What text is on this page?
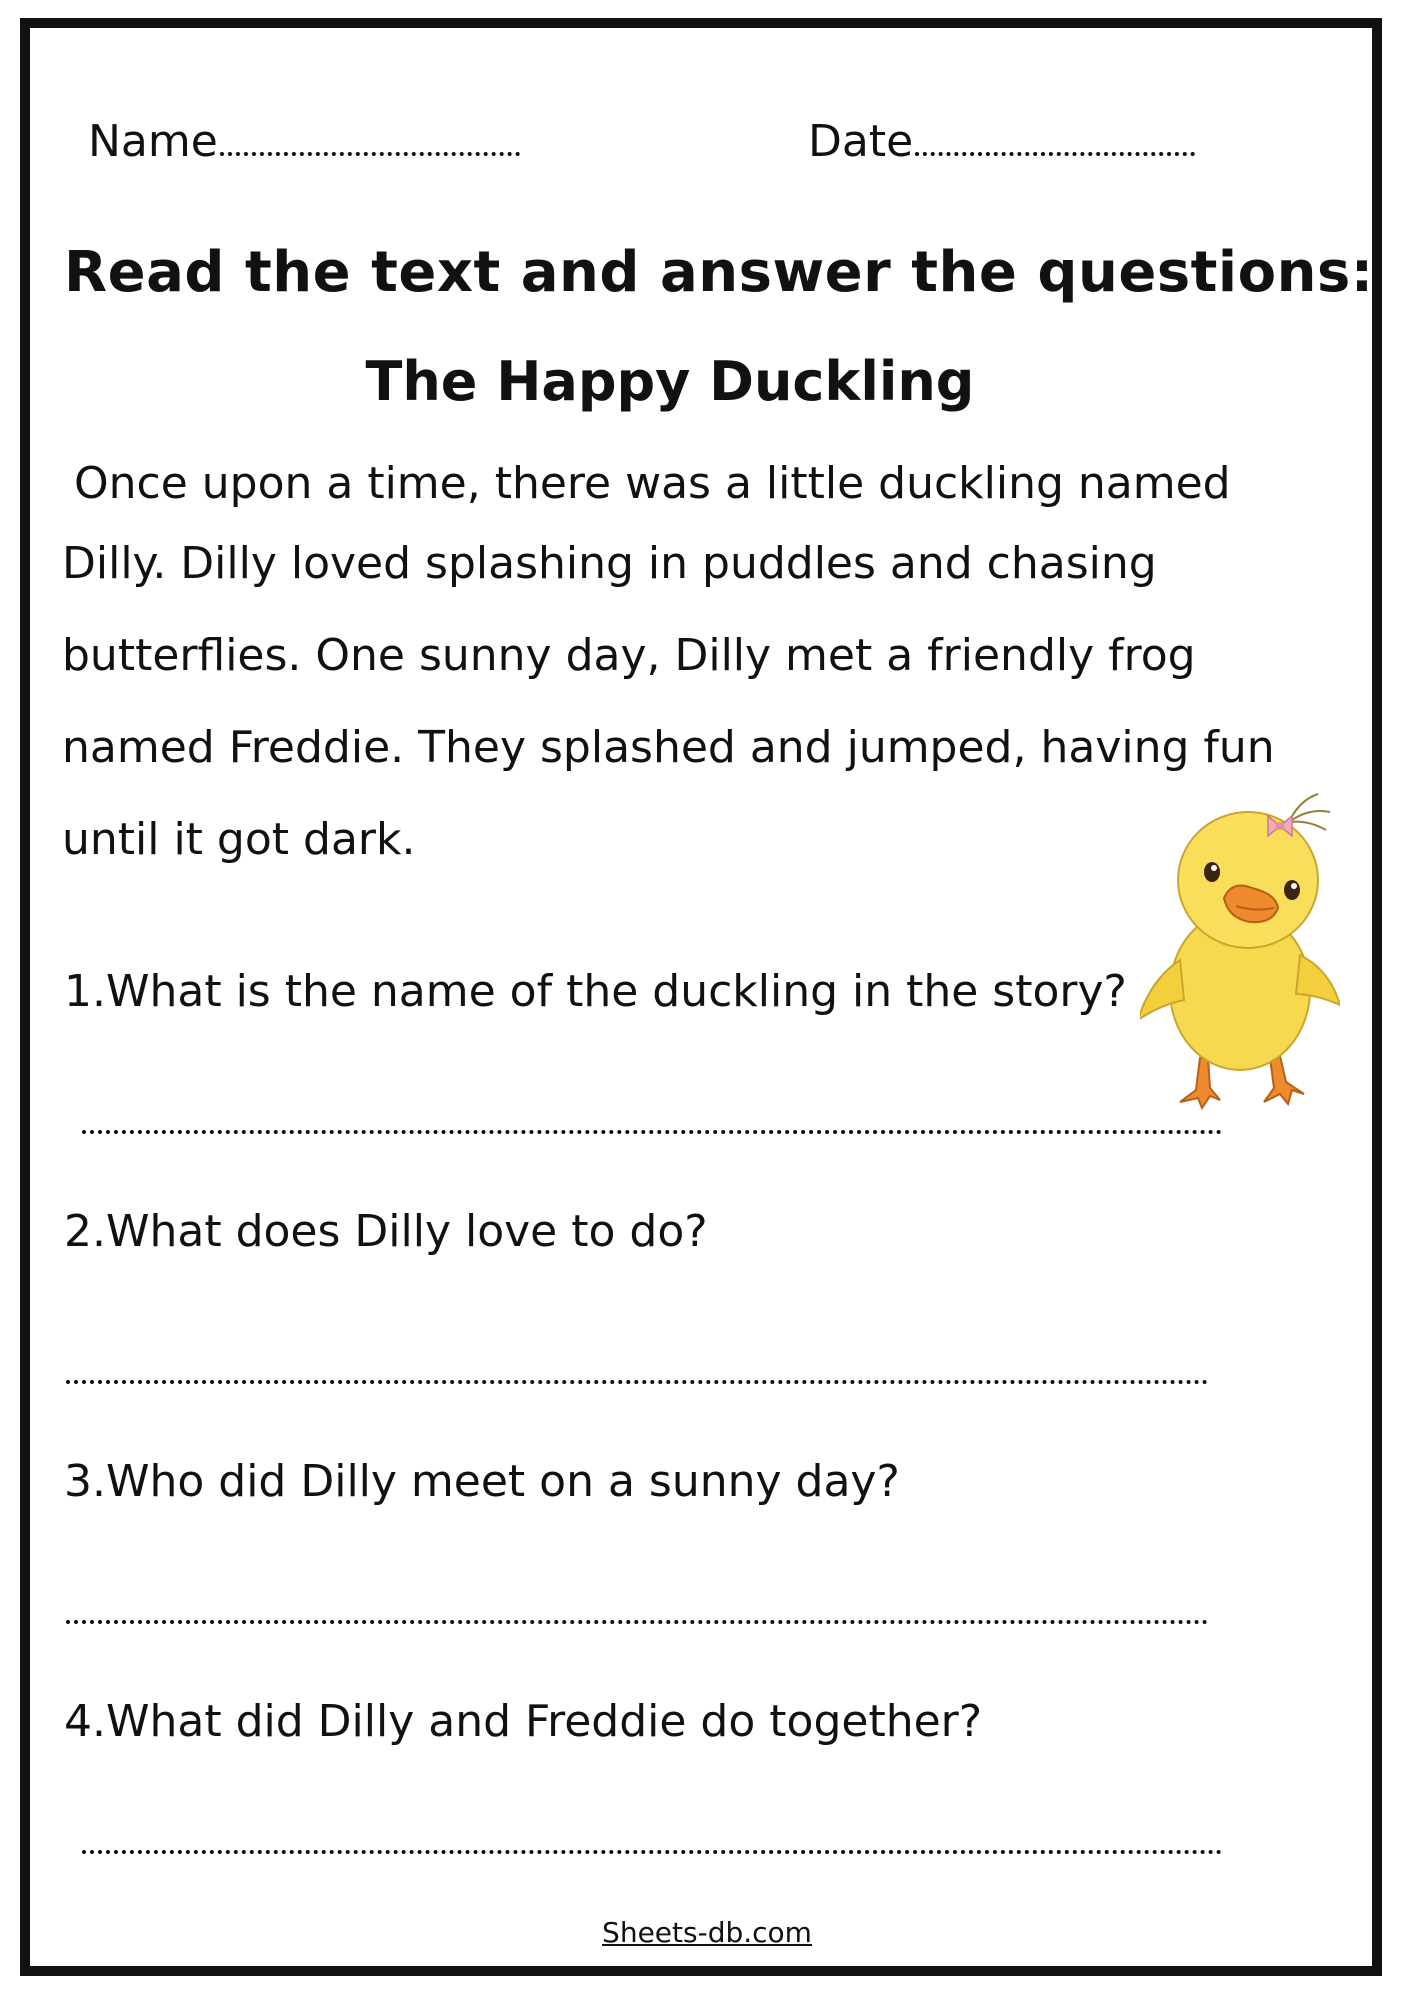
Name	Date
Read the text and answer the questions:
The Happy Duckling
Once upon a time, there was a little duckling named
Dilly. Dilly loved splashing in puddles and chasing
butterflies. One sunny day, Dilly met a friendly frog
named Freddie. They splashed and jumped, having fun
until it got dark.
1.What is the name of the duckling in the story?
2.What does Dilly love to do?
3.Who did Dilly meet on a sunny day?
4.What did Dilly and Freddie do together?
Sheets-db.com
